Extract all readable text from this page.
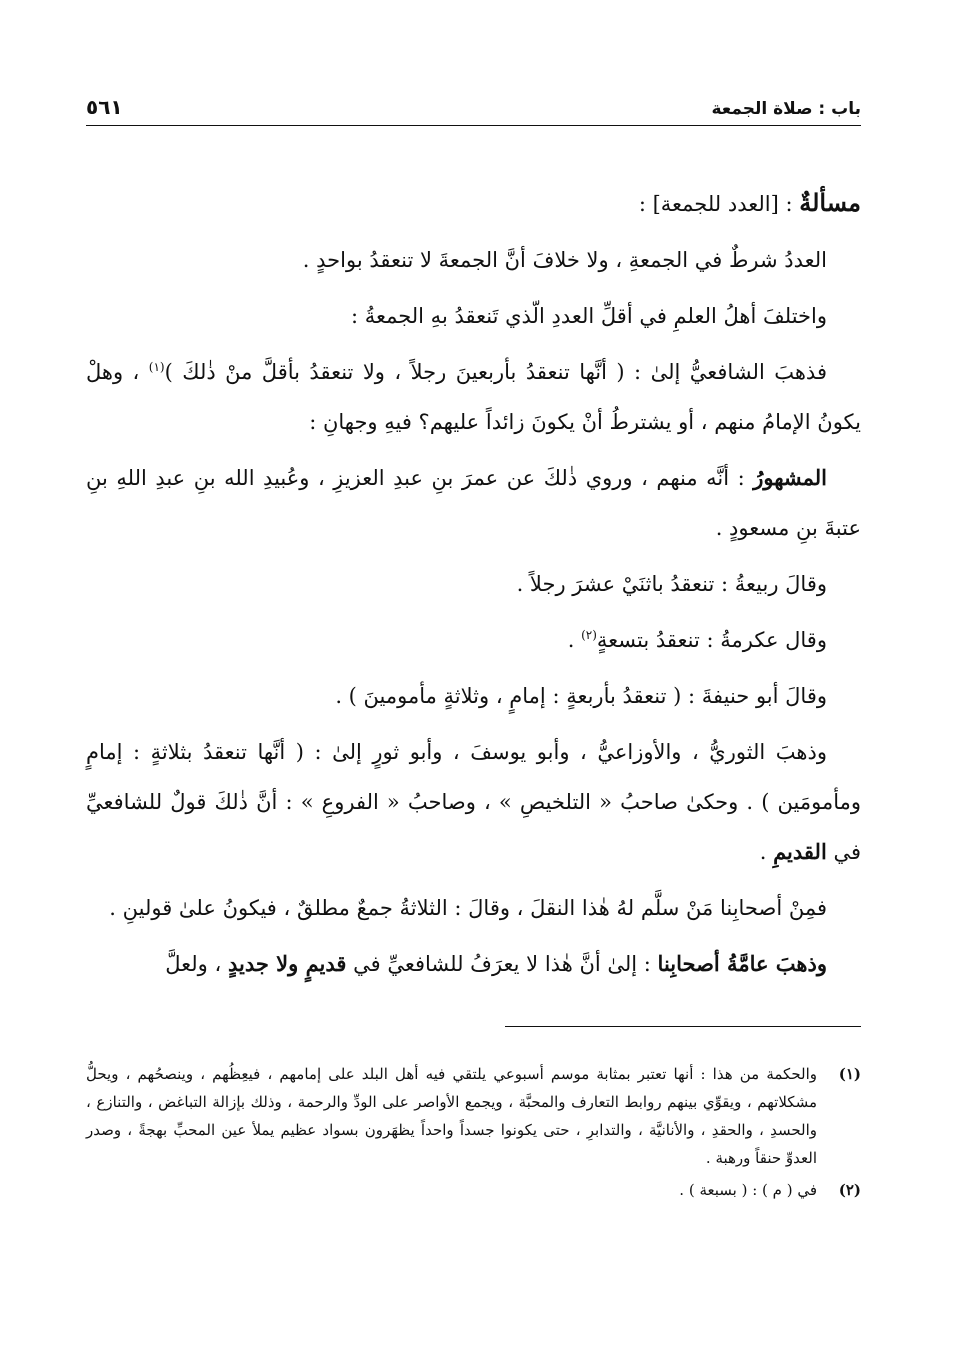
باب : صلاة الجمعة
٥٦١

مسألةٌ : [العدد للجمعة] :

العددُ شرطٌ في الجمعةِ ، ولا خلافَ أنَّ الجمعةَ لا تنعقدُ بواحدٍ .

واختلفَ أهلُ العلمِ في أقلِّ العددِ الّذي تَنعقدُ بهِ الجمعةُ :

فذهبَ الشافعيُّ إلىٰ : ( أنَّها تنعقدُ بأربعينَ رجلاً ، ولا تنعقدُ بأقلَّ منْ ذٰلكَ )$^{(١)}$ ، وهلْ يكونُ الإمامُ منهم ، أو يشترطُ أنْ يكونَ زائداً عليهم؟ فيهِ وجهانِ :

المشهورُ : أنَّه منهم ، وروي ذٰلكَ عن عمرَ بنِ عبدِ العزيزِ ، وعُبيدِ الله بنِ عبدِ اللهِ بنِ عتبةَ بنِ مسعودٍ .

وقالَ ربيعةُ : تنعقدُ باثنَيْ عشرَ رجلاً .

وقال عكرمةُ : تنعقدُ بتسعةٍ$^{(٢)}$ .

وقالَ أبو حنيفةَ : ( تنعقدُ بأربعةٍ : إمامٍ ، وثلاثةٍ مأمومينَ ) .

وذهبَ الثوريُّ ، والأوزاعيُّ ، وأبو يوسفَ ، وأبو ثورٍ إلىٰ : ( أنَّها تنعقدُ بثلاثةٍ : إمامٍ ومأمومَين ) . وحكىٰ صاحبُ « التلخيصِ » ، وصاحبُ « الفروعِ » : أنَّ ذٰلكَ قولٌ للشافعيِّ في القديمِ .

فمِنْ أصحابِنا مَنْ سلَّم لهُ هٰذا النقلَ ، وقالَ : الثلاثةُ جمعٌ مطلقٌ ، فيكونُ علىٰ قولينِ .

وذهبَ عامَّةُ أصحابِنا : إلىٰ أنَّ هٰذا لا يعرَفُ للشافعيِّ في قديمٍ ولا جديدٍ ، ولعلَّ

(١)
والحكمة من هذا : أنها تعتبر بمثابة موسم أسبوعي يلتقي فيه أهل البلد على إمامهم ، فيعِظُهم ، وينصحُهم ، ويحلُّ مشكلاتهم ، ويقوِّي بينهم روابط التعارف والمحبَّة ، ويجمع الأواصر على الودِّ والرحمة ، وذلك بإزالة التباغض ، والتنازع ، والحسدِ ، والحقدِ ، والأنانيَّة ، والتدابرِ ، حتى يكونوا جسداً واحداً يظهَرون بسواد عظيم يملأ عين المحبِّ بهجةً ، وصدر العدوِّ حنقاً ورهبة .
(٢)
في ( م ) : ( بسبعة ) .
